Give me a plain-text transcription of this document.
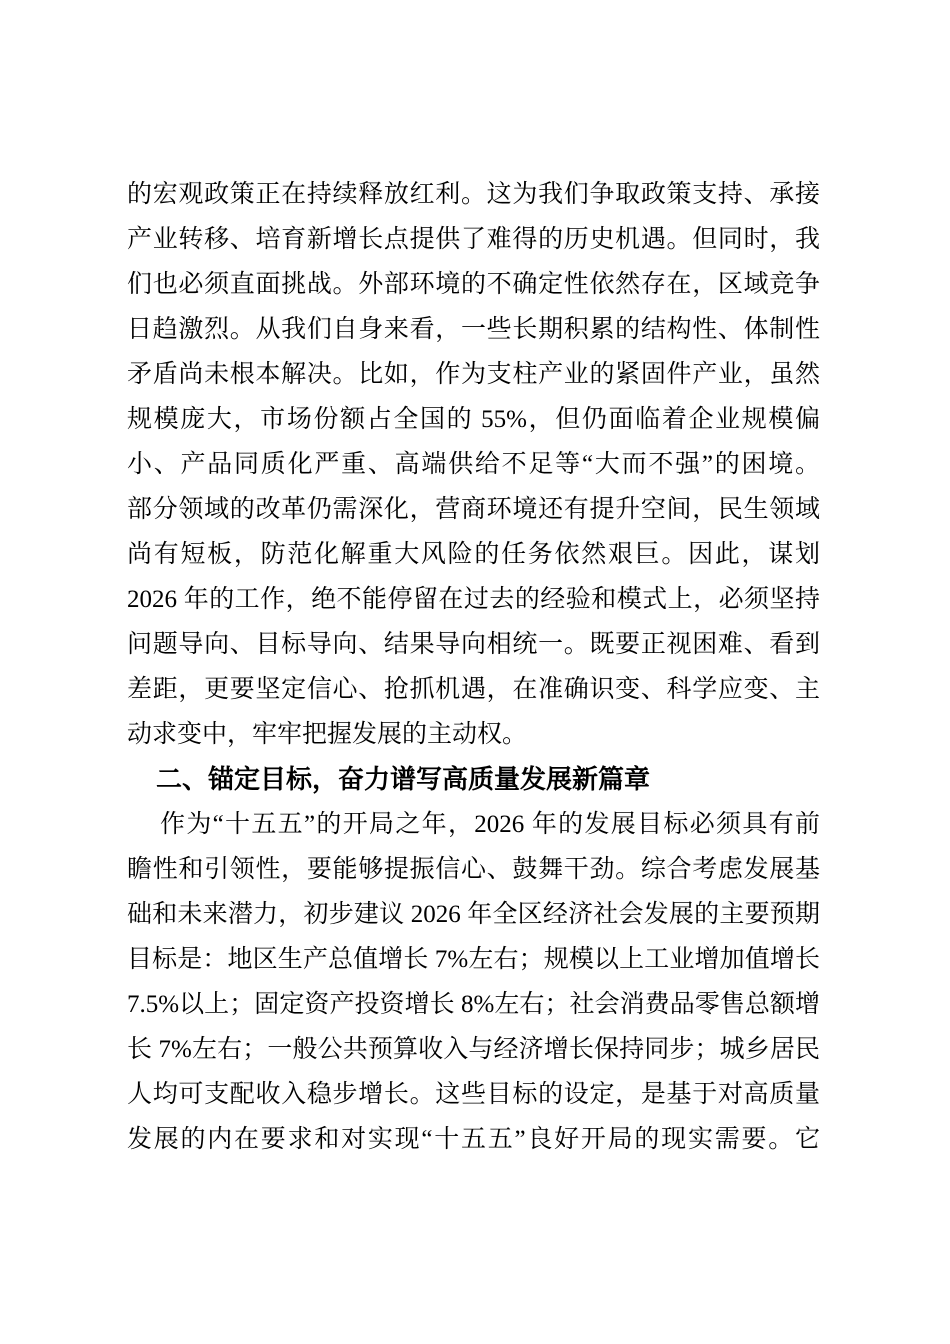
的宏观政策正在持续释放红利。这为我们争取政策支持、承接
产业转移、培育新增长点提供了难得的历史机遇。但同时，我
们也必须直面挑战。外部环境的不确定性依然存在，区域竞争
日趋激烈。从我们自身来看，一些长期积累的结构性、体制性
矛盾尚未根本解决。比如，作为支柱产业的紧固件产业，虽然
规模庞大，市场份额占全国的 55%，但仍面临着企业规模偏
小、产品同质化严重、高端供给不足等“大而不强”的困境。
部分领域的改革仍需深化，营商环境还有提升空间，民生领域
尚有短板，防范化解重大风险的任务依然艰巨。因此，谋划
2026 年的工作，绝不能停留在过去的经验和模式上，必须坚持
问题导向、目标导向、结果导向相统一。既要正视困难、看到
差距，更要坚定信心、抢抓机遇，在准确识变、科学应变、主
动求变中，牢牢把握发展的主动权。
二、锚定目标，奋力谱写高质量发展新篇章
作为“十五五”的开局之年，2026 年的发展目标必须具有前
瞻性和引领性，要能够提振信心、鼓舞干劲。综合考虑发展基
础和未来潜力，初步建议 2026 年全区经济社会发展的主要预期
目标是：地区生产总值增长 7%左右；规模以上工业增加值增长
7.5%以上；固定资产投资增长 8%左右；社会消费品零售总额增
长 7%左右；一般公共预算收入与经济增长保持同步；城乡居民
人均可支配收入稳步增长。这些目标的设定，是基于对高质量
发展的内在要求和对实现“十五五”良好开局的现实需要。它
